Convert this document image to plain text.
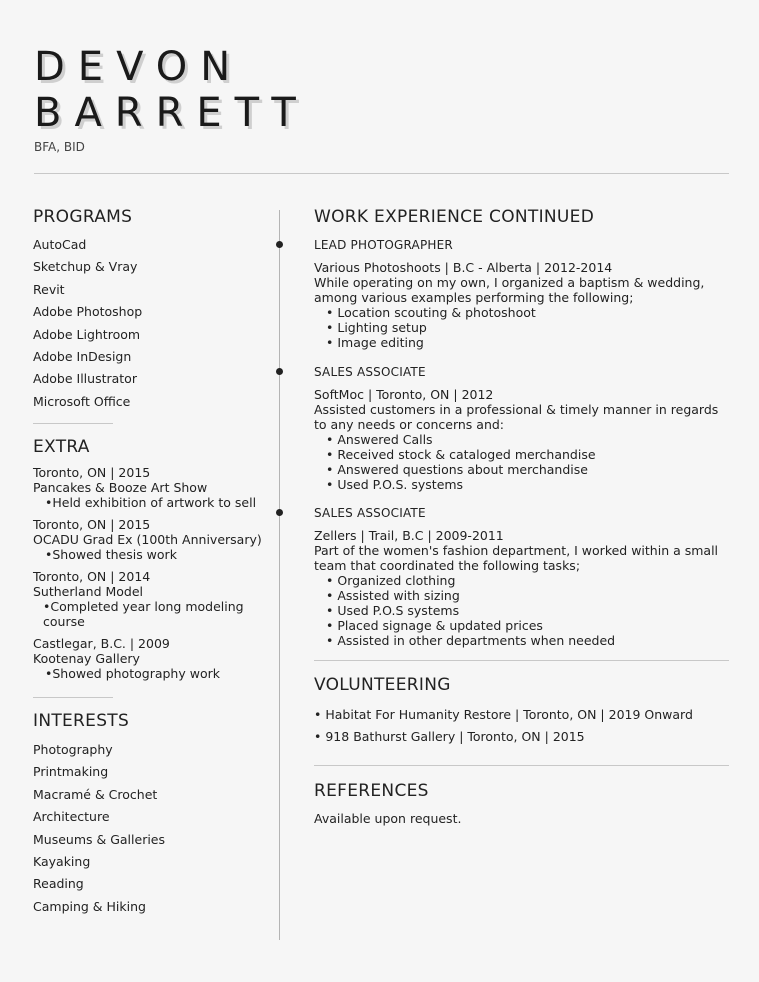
DEVON
BARRETT
BFA, BID
PROGRAMS
AutoCad
Sketchup & Vray
Revit
Adobe Photoshop
Adobe Lightroom
Adobe InDesign
Adobe Illustrator
Microsoft Office
EXTRA
Toronto, ON | 2015
Pancakes & Booze Art Show
•Held exhibition of artwork to sell
Toronto, ON | 2015
OCADU Grad Ex (100th Anniversary)
•Showed thesis work
Toronto, ON | 2014
Sutherland Model
•Completed year long modeling course
Castlegar, B.C. | 2009
Kootenay Gallery
•Showed photography work
INTERESTS
Photography
Printmaking
Macramé & Crochet
Architecture
Museums & Galleries
Kayaking
Reading
Camping & Hiking
WORK EXPERIENCE CONTINUED
LEAD PHOTOGRAPHER
Various Photoshoots | B.C - Alberta | 2012-2014
While operating on my own, I organized a baptism & wedding, among various examples performing the following;
• Location scouting & photoshoot
• Lighting setup
• Image editing
SALES ASSOCIATE
SoftMoc | Toronto, ON | 2012
Assisted customers in a professional & timely manner in regards to any needs or concerns and:
• Answered Calls
• Received stock & cataloged merchandise
• Answered questions about merchandise
• Used P.O.S. systems
SALES ASSOCIATE
Zellers | Trail, B.C | 2009-2011
Part of the women's fashion department, I worked within a small team that coordinated the following tasks;
• Organized clothing
• Assisted with sizing
• Used P.O.S systems
• Placed signage & updated prices
• Assisted in other departments when needed
VOLUNTEERING
• Habitat For Humanity Restore | Toronto, ON | 2019 Onward
• 918 Bathurst Gallery | Toronto, ON | 2015
REFERENCES
Available upon request.
